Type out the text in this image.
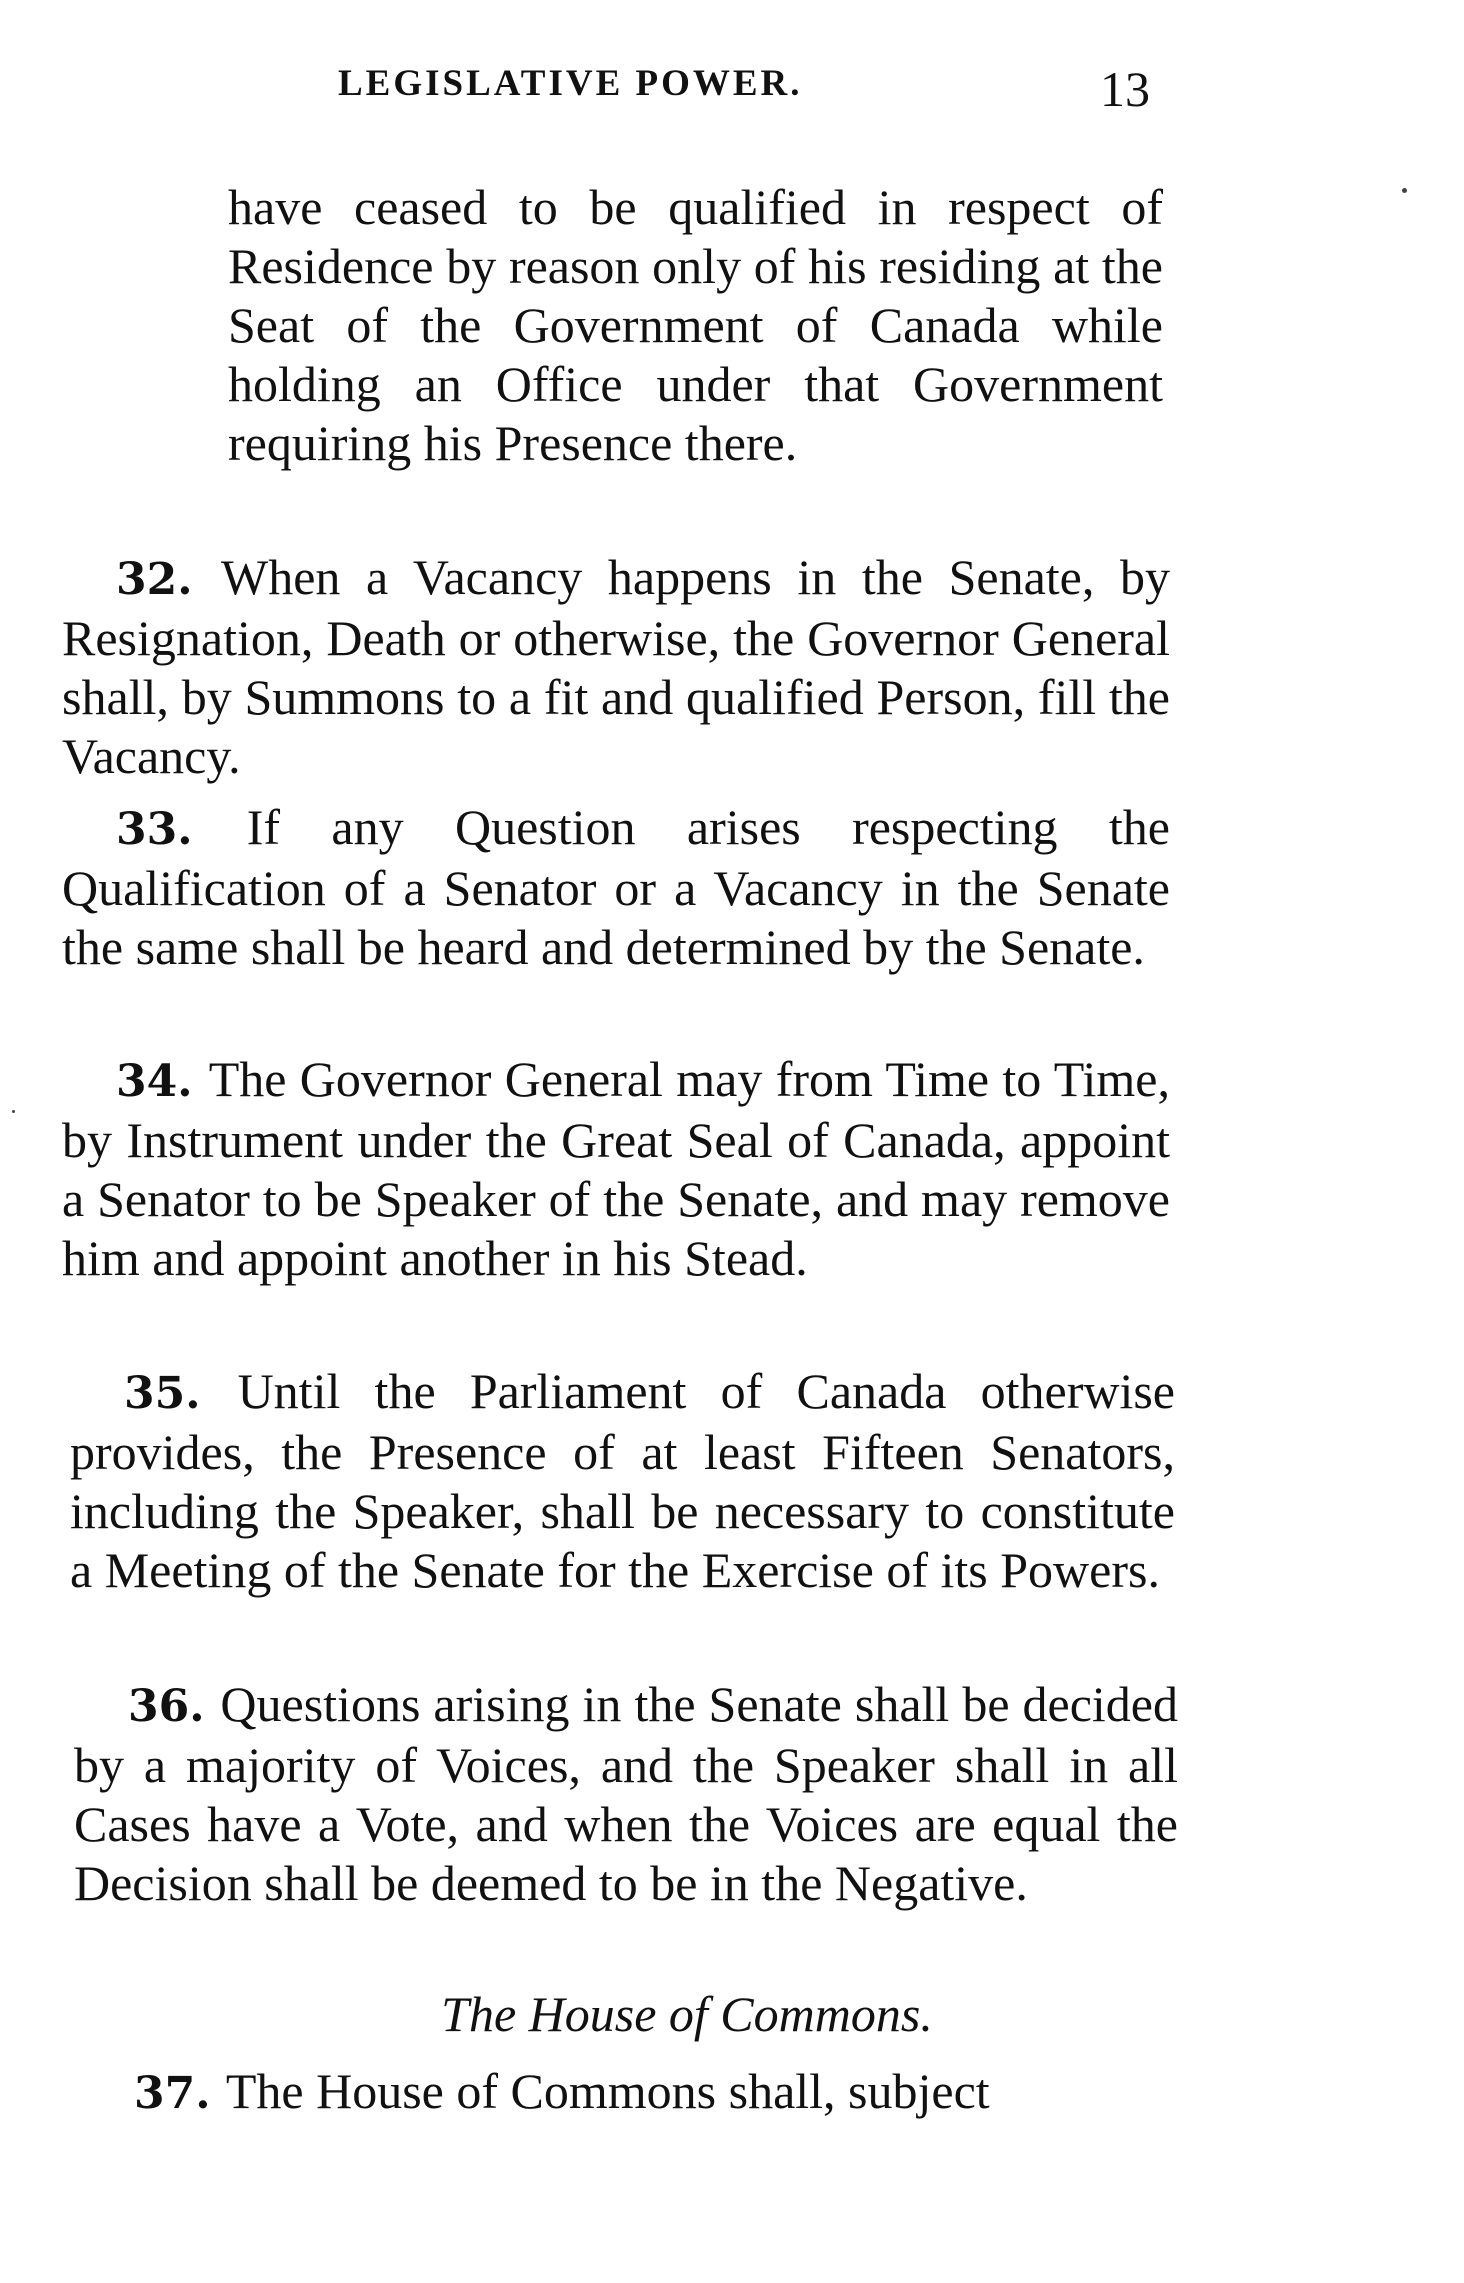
LEGISLATIVE POWER.	13
have ceased to be qualified in respect of Residence by reason only of his residing at the Seat of the Government of Canada while holding an Office under that Government requiring his Presence there.
32. When a Vacancy happens in the Senate, by Resignation, Death or otherwise, the Governor General shall, by Summons to a fit and qualified Person, fill the Vacancy.
33. If any Question arises respecting the Qualification of a Senator or a Vacancy in the Senate the same shall be heard and determined by the Senate.
34. The Governor General may from Time to Time, by Instrument under the Great Seal of Canada, appoint a Senator to be Speaker of the Senate, and may remove him and appoint another in his Stead.
35. Until the Parliament of Canada otherwise provides, the Presence of at least Fifteen Senators, including the Speaker, shall be necessary to constitute a Meeting of the Senate for the Exercise of its Powers.
36. Questions arising in the Senate shall be decided by a majority of Voices, and the Speaker shall in all Cases have a Vote, and when the Voices are equal the Decision shall be deemed to be in the Negative.
The House of Commons.
37. The House of Commons shall, subject
